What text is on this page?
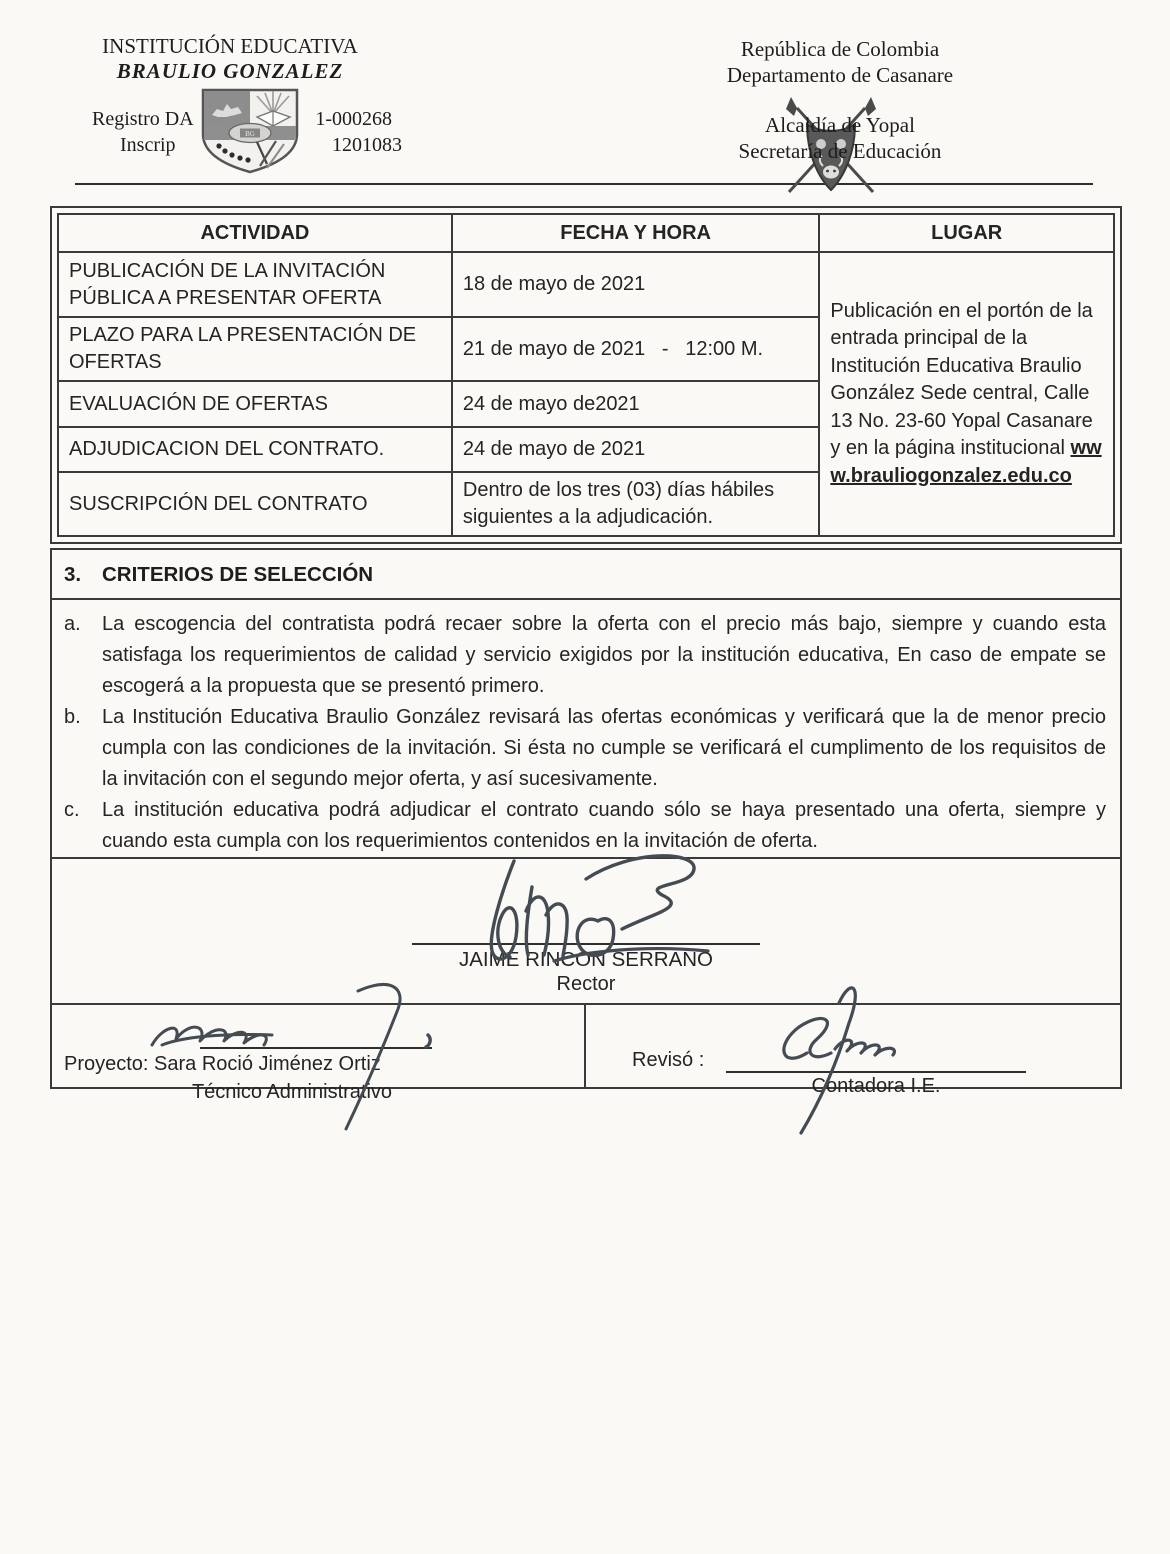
INSTITUCIÓN EDUCATIVA
BRAULIO GONZALEZ
Registro DA	1-000268
Inscrip	1201083
BG
República de Colombia
Departamento de Casanare
Alcaldía de Yopal
Secretaría de Educación
ACTIVIDAD	FECHA Y HORA	LUGAR
PUBLICACIÓN DE LA INVITACIÓN PÚBLICA A PRESENTAR OFERTA	18 de mayo de 2021	Publicación en el portón de la entrada principal de la Institución Educativa Braulio González Sede central, Calle 13 No. 23-60 Yopal Casanare y en la página institucional www.brauliogonzalez.edu.co
PLAZO PARA LA PRESENTACIÓN DE OFERTAS	21 de mayo de 2021   -   12:00 M.	
EVALUACIÓN DE OFERTAS	24 de mayo de2021	
ADJUDICACION DEL CONTRATO.	24 de mayo de 2021	
SUSCRIPCIÓN DEL CONTRATO	Dentro de los tres (03) días hábiles siguientes a la adjudicación.	
3.	CRITERIOS DE SELECCIÓN
a.	La escogencia del contratista podrá recaer sobre la oferta con el precio más bajo, siempre y cuando esta satisfaga los requerimientos de calidad y servicio exigidos por la institución educativa, En caso de empate se escogerá a la propuesta que se presentó primero.
b.	La Institución Educativa Braulio González revisará las ofertas económicas y verificará que la de menor precio cumpla con las condiciones de la invitación. Si ésta no cumple se verificará el cumplimento de los requisitos de la invitación con el segundo mejor oferta, y así sucesivamente.
c.	La institución educativa podrá adjudicar el contrato cuando sólo se haya presentado una oferta, siempre y cuando esta cumpla con los requerimientos contenidos en la invitación de oferta.
JAIME RINCON SERRANO
Rector
Proyecto: Sara Roció Jiménez Ortiz
Técnico Administrativo
Revisó :
Contadora I.E.
